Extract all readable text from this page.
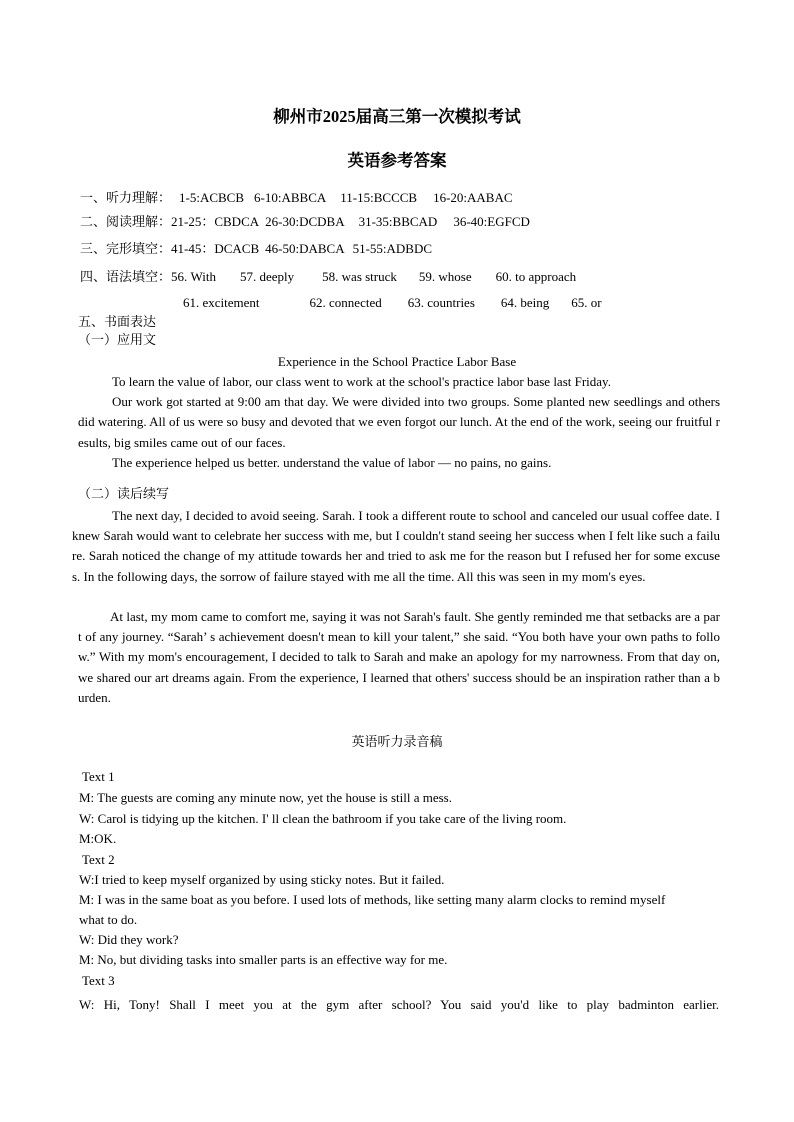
柳州市2025届高三第一次模拟考试
英语参考答案
一、听力理解： 1-5:ACBCB 6-10:ABBCA 11-15:BCCCB 16-20:AABAC
二、阅读理解：21-25：CBDCA 26-30:DCDBA 31-35:BBCAD 36-40:EGFCD
三、完形填空：41-45：DCACB 46-50:DABCA 51-55:ADBDC
四、语法填空：56. With 57. deeply 58. was struck 59. whose 60. to approach
61. excitement	62. connected 63. countries 64. being 65. or
五、书面表达
（一）应用文
Experience in the School Practice Labor Base

To learn the value of labor, our class went to work at the school's practice labor base last Friday.

Our work got started at 9:00 am that day. We were divided into two groups. Some planted new seedlings and others did watering. All of us were so busy and devoted that we even forgot our lunch. At the end of the work, seeing our fruitful results, big smiles came out of our faces.

The experience helped us better. understand the value of labor — no pains, no gains.

（二）读后续写

The next day, I decided to avoid seeing. Sarah. I took a different route to school and canceled our usual coffee date. I knew Sarah would want to celebrate her success with me, but I couldn't stand seeing her success when I felt like such a failure. Sarah noticed the change of my attitude towards her and tried to ask me for the reason but I refused her for some excuses. In the following days, the sorrow of failure stayed with me all the time. All this was seen in my mom's eyes.

At last, my mom came to comfort me, saying it was not Sarah's fault. She gently reminded me that setbacks are a part of any journey. “Sarah’ s achievement doesn't mean to kill your talent,” she said. “You both have your own paths to follow.” With my mom's encouragement, I decided to talk to Sarah and make an apology for my narrowness. From that day on, we shared our art dreams again. From the experience, I learned that others' success should be an inspiration rather than a burden.

英语听力录音稿
Text 1
M: The guests are coming any minute now, yet the house is still a mess.
W: Carol is tidying up the kitchen. I' ll clean the bathroom if you take care of the living room.
M:OK.
Text 2
W:I tried to keep myself organized by using sticky notes. But it failed.
M: I was in the same boat as you before. I used lots of methods, like setting many alarm clocks to remind myself
what to do.
W: Did they work?
M: No, but dividing tasks into smaller parts is an effective way for me.
Text 3
W: Hi, Tony! Shall I meet you at the gym after school? You said you'd like to play badminton earlier.
